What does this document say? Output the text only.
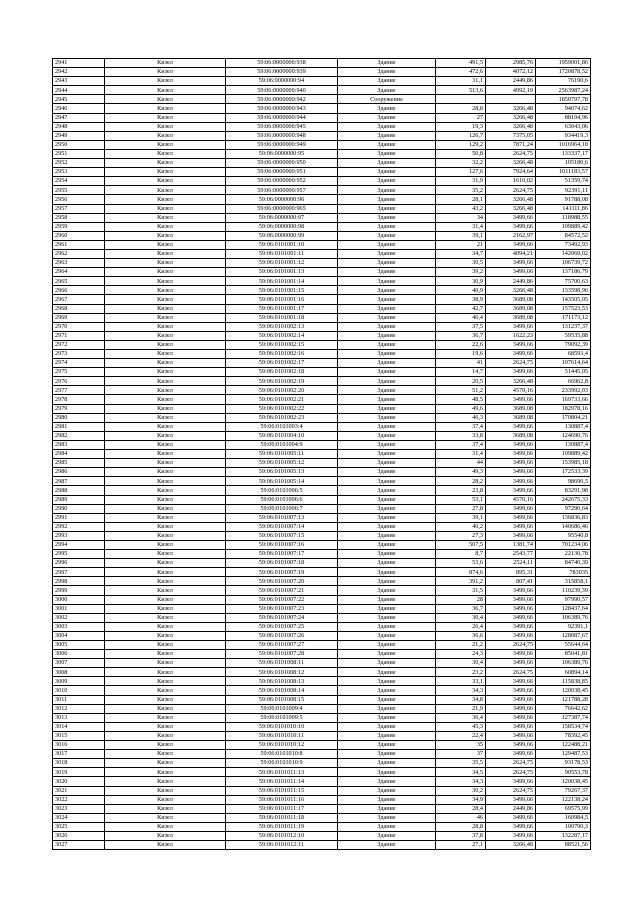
2941	Кизел	59:06:0000000:938	Здание	491,5	2985,76	1959001,86
2942	Кизел	59:06:0000000:939	Здание	472,6	4072,12	1720878,52
2943	Кизел	59:06:0000000:94	Здание	31,1	2449,86	76190,6
2944	Кизел	59:06:0000000:940	Здание	513,6	4992,19	2563987,24
2945	Кизел	59:06:0000000:942	Сооружение			1850797,78
2946	Кизел	59:06:0000000:943	Здание	28,8	3266,48	94074,62
2947	Кизел	59:06:0000000:944	Здание	27	3266,48	88194,96
2948	Кизел	59:06:0000000:945	Здание	19,3	3266,48	63043,06
2949	Кизел	59:06:0000000:948	Здание	126,7	7375,05	934419,3
2950	Кизел	59:06:0000000:949	Здание	129,2	7871,24	1016964,18
2951	Кизел	59:06:0000000:95	Здание	50,8	2624,75	133337,17
2952	Кизел	59:06:0000000:950	Здание	32,2	3266,48	105180,6
2953	Кизел	59:06:0000000:951	Здание	127,6	7924,64	1011183,57
2954	Кизел	59:06:0000000:952	Здание	31,9	1610,02	51359,74
2955	Кизел	59:06:0000000:957	Здание	35,2	2624,75	92391,11
2956	Кизел	59:06:0000000:96	Здание	28,1	3266,48	91788,08
2957	Кизел	59:06:0000000:965	Здание	43,2	3266,48	141111,86
2958	Кизел	59:06:0000000:97	Здание	34	3499,66	118988,55
2959	Кизел	59:06:0000000:98	Здание	31,4	3499,66	109889,42
2960	Кизел	59:06:0000000:99	Здание	39,1	2162,97	84572,52
2961	Кизел	59:06:0101001:10	Здание	21	3499,66	73492,93
2962	Кизел	59:06:0101001:11	Здание	34,7	4094,21	142069,02
2963	Кизел	59:06:0101001:12	Здание	30,5	3499,66	106739,72
2964	Кизел	59:06:0101001:13	Здание	39,2	3499,66	137186,79
2965	Кизел	59:06:0101001:14	Здание	30,9	2449,86	75700,63
2966	Кизел	59:06:0101001:15	Здание	40,9	3266,48	133598,96
2967	Кизел	59:06:0101001:16	Здание	38,9	3689,08	143505,05
2968	Кизел	59:06:0101001:17	Здание	42,7	3689,08	157523,53
2969	Кизел	59:06:0101001:18	Здание	46,4	3689,08	171173,12
2970	Кизел	59:06:0101002:13	Здание	37,5	3499,66	131237,37
2971	Кизел	59:06:0101002:14	Здание	36,7	1622,23	59535,88
2972	Кизел	59:06:0101002:15	Здание	22,6	3499,66	79092,39
2973	Кизел	59:06:0101002:16	Здание	19,6	3499,66	68593,4
2974	Кизел	59:06:0101002:17	Здание	41	2624,75	107614,64
2975	Кизел	59:06:0101002:18	Здание	14,7	3499,66	51445,05
2976	Кизел	59:06:0101002:19	Здание	20,5	3266,48	66962,8
2977	Кизел	59:06:0101002:20	Здание	51,2	4570,16	233992,03
2978	Кизел	59:06:0101002:21	Здание	48,5	3499,66	169733,66
2979	Кизел	59:06:0101002:22	Здание	49,6	3689,08	182978,16
2980	Кизел	59:06:0101002:23	Здание	46,3	3689,08	170804,21
2981	Кизел	59:06:0101003:4	Здание	37,4	3499,66	130887,4
2982	Кизел	59:06:0101004:10	Здание	33,8	3689,08	124690,76
2983	Кизел	59:06:0101004:9	Здание	37,4	3499,66	130887,4
2984	Кизел	59:06:0101005:11	Здание	31,4	3499,66	109889,42
2985	Кизел	59:06:0101005:12	Здание	44	3499,66	153985,18
2986	Кизел	59:06:0101005:13	Здание	49,3	3499,66	172533,39
2987	Кизел	59:06:0101005:14	Здание	28,2	3499,66	98690,5
2988	Кизел	59:06:0101006:5	Здание	23,8	3499,66	83291,98
2989	Кизел	59:06:0101006:6	Здание	53,1	4570,16	242675,33
2990	Кизел	59:06:0101006:7	Здание	27,8	3499,66	97290,64
2991	Кизел	59:06:0101007:13	Здание	39,1	3499,66	136836,83
2992	Кизел	59:06:0101007:14	Здание	40,2	3499,66	140686,46
2993	Кизел	59:06:0101007:15	Здание	27,3	3499,66	95540,8
2994	Кизел	59:06:0101007:16	Здание	507,5	1381,74	701234,06
2995	Кизел	59:06:0101007:17	Здание	8,7	2543,77	22130,78
2996	Кизел	59:06:0101007:18	Здание	53,6	2524,11	84740,39
2997	Кизел	59:06:0101007:19	Здание	874,6	895,31	783035
2998	Кизел	59:06:0101007:20	Здание	391,2	807,41	315858,1
2999	Кизел	59:06:0101007:21	Здание	31,5	3499,66	110239,39
3000	Кизел	59:06:0101007:22	Здание	28	3499,66	97990,57
3001	Кизел	59:06:0101007:23	Здание	36,7	3499,66	128437,64
3002	Кизел	59:06:0101007:24	Здание	30,4	3499,66	106389,76
3003	Кизел	59:06:0101007:25	Здание	26,4	3499,66	92391,1
3004	Кизел	59:06:0101007:26	Здание	36,6	3499,66	128087,67
3005	Кизел	59:06:0101007:27	Здание	21,2	2624,75	55644,64
3006	Кизел	59:06:0101007:28	Здание	24,3	3499,66	85041,81
3007	Кизел	59:06:0101008:11	Здание	30,4	3499,66	106389,76
3008	Кизел	59:06:0101008:12	Здание	23,2	2624,75	60894,14
3009	Кизел	59:06:0101008:13	Здание	33,1	3499,66	115838,85
3010	Кизел	59:06:0101008:14	Здание	34,3	3499,66	120038,45
3011	Кизел	59:06:0101008:15	Здание	34,8	3499,66	121788,28
3012	Кизел	59:06:0101009:4	Здание	21,9	3499,66	76642,62
3013	Кизел	59:06:0101009:5	Здание	36,4	3499,66	127387,74
3014	Кизел	59:06:0101010:10	Здание	45,3	3499,66	158534,74
3015	Кизел	59:06:0101010:11	Здание	22,4	3499,66	78392,45
3016	Кизел	59:06:0101010:12	Здание	35	3499,66	122488,21
3017	Кизел	59:06:0101010:8	Здание	37	3499,66	129487,53
3018	Кизел	59:06:0101010:9	Здание	35,5	2624,75	93178,53
3019	Кизел	59:06:0101011:13	Здание	34,5	2624,75	90553,78
3020	Кизел	59:06:0101011:14	Здание	34,3	3499,66	120038,45
3021	Кизел	59:06:0101011:15	Здание	30,2	2624,75	79267,37
3022	Кизел	59:06:0101011:16	Здание	34,9	3499,66	122138,24
3023	Кизел	59:06:0101011:17	Здание	28,4	2449,86	69575,99
3024	Кизел	59:06:0101011:18	Здание	46	3499,66	160984,5
3025	Кизел	59:06:0101011:19	Здание	28,8	3499,66	100790,3
3026	Кизел	59:06:0101012:10	Здание	37,8	3499,66	132287,17
3027	Кизел	59:06:0101012:11	Здание	27,1	3266,48	88521,56
